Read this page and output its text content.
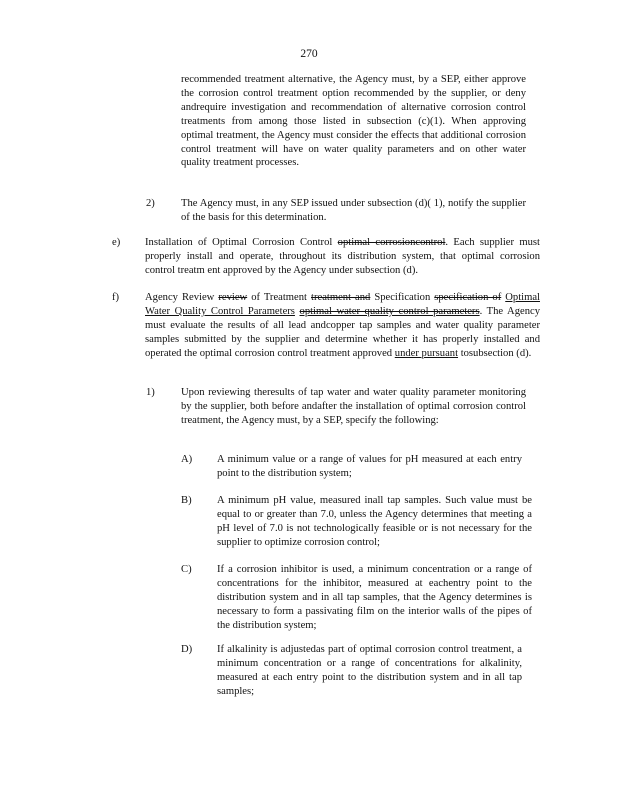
270
recommended treatment alternative, the Agency must, by a SEP, either approve the corrosion control treatment option recommended by the supplier, or deny andrequire investigation and recommendation of alternative corrosion control treatments from among those listed in subsection (c)(1). When approving optimal treatment, the Agency must consider the effects that additional corrosion control treatment will have on water quality parameters and on other water quality treatment processes.
2) The Agency must, in any SEP issued under subsection (d)( 1), notify the supplier of the basis for this determination.
e) Installation of Optimal Corrosion Control optimal corrosioncontrol. Each supplier must properly install and operate, throughout its distribution system, that optimal corrosion control treatm ent approved by the Agency under subsection (d).
f) Agency Review review of Treatment treatment and Specification specification of Optimal Water Quality Control Parameters optimal water quality control parameters. The Agency must evaluate the results of all lead andcopper tap samples and water quality parameter samples submitted by the supplier and determine whether it has properly installed and operated the optimal corrosion control treatment approved under pursuant tosubsection (d).
1) Upon reviewing theresults of tap water and water quality parameter monitoring by the supplier, both before andafter the installation of optimal corrosion control treatment, the Agency must, by a SEP, specify the following:
A) A minimum value or a range of values for pH measured at each entry point to the distribution system;
B) A minimum pH value, measured inall tap samples. Such value must be equal to or greater than 7.0, unless the Agency determines that meeting a pH level of 7.0 is not technologically feasible or is not necessary for the supplier to optimize corrosion control;
C) If a corrosion inhibitor is used, a minimum concentration or a range of concentrations for the inhibitor, measured at eachentry point to the distribution system and in all tap samples, that the Agency determines is necessary to form a passivating film on the interior walls of the pipes of the distribution system;
D) If alkalinity is adjustedas part of optimal corrosion control treatment, a minimum concentration or a range of concentrations for alkalinity, measured at each entry point to the distribution system and in all tap samples;
